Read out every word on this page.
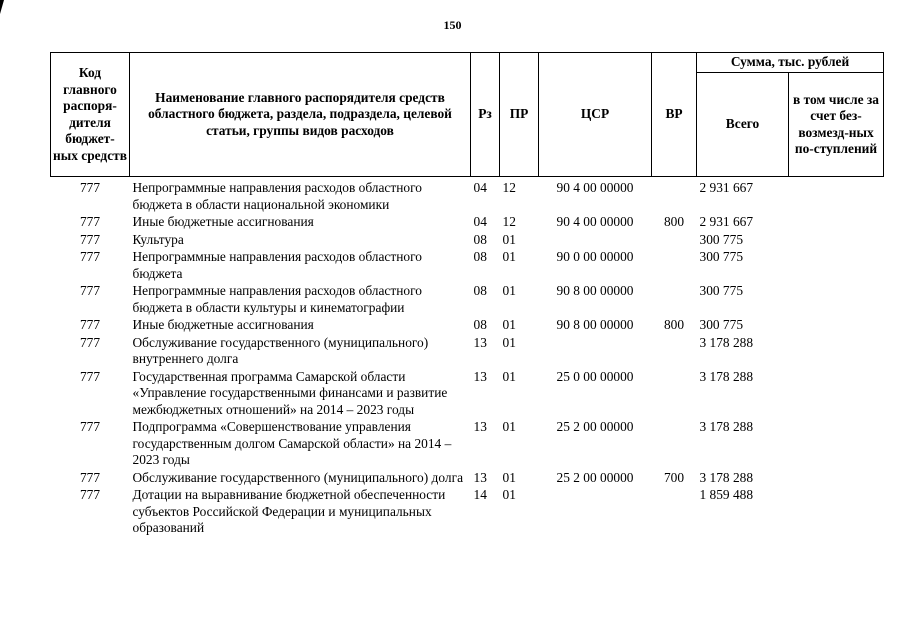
150
Код главного распоря-дителя бюджет-ных средств	Наименование главного распорядителя средств областного бюджета, раздела, подраздела, целевой статьи, группы видов расходов	Рз	ПР	ЦСР	ВР	Сумма, тыс. рублей	
						Всего	в том числе за счет без-возмезд-ных по-ступлений
777	Непрограммные направления расходов областного бюджета в области национальной экономики	04	12	90 4 00 00000		2 931 667	
777	Иные бюджетные ассигнования	04	12	90 4 00 00000	800	2 931 667	
777	Культура	08	01			300 775	
777	Непрограммные направления расходов областного бюджета	08	01	90 0 00 00000		300 775	
777	Непрограммные направления расходов областного бюджета в области культуры и кинематографии	08	01	90 8 00 00000		300 775	
777	Иные бюджетные ассигнования	08	01	90 8 00 00000	800	300 775	
777	Обслуживание государственного (муниципального) внутреннего долга	13	01			3 178 288	
777	Государственная программа Самарской области «Управление государственными финансами и развитие межбюджетных отношений» на 2014 – 2023 годы	13	01	25 0 00 00000		3 178 288	
777	Подпрограмма «Совершенствование управления государственным долгом Самарской области» на 2014 – 2023 годы	13	01	25 2 00 00000		3 178 288	
777	Обслуживание государственного (муниципального) долга	13	01	25 2 00 00000	700	3 178 288	
777	Дотации на выравнивание бюджетной обеспеченности субъектов Российской Федерации и муниципальных образований	14	01			1 859 488	
